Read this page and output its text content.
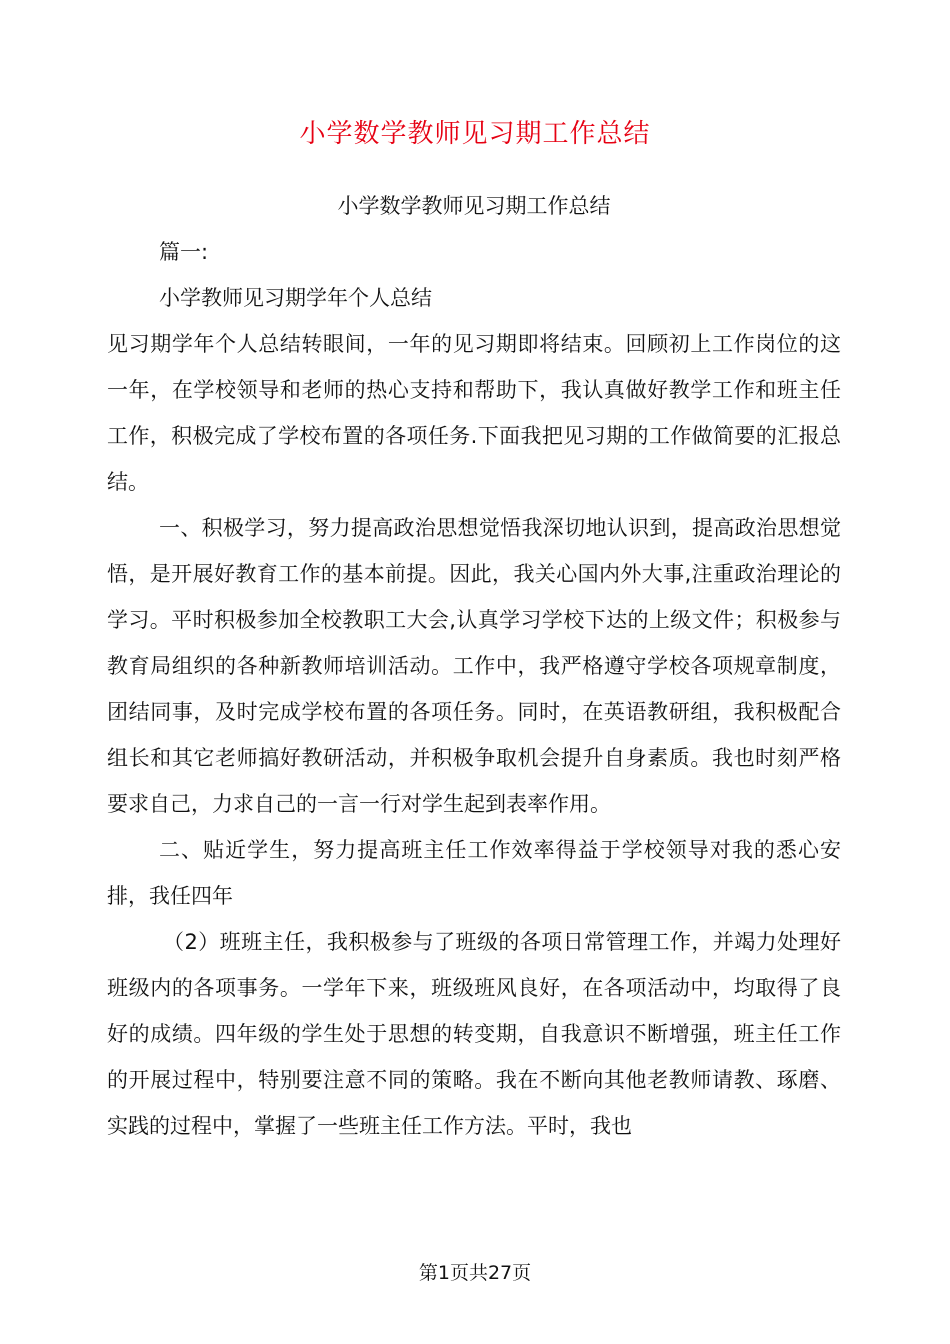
小学数学教师见习期工作总结

小学数学教师见习期工作总结

篇一:

小学教师见习期学年个人总结

见习期学年个人总结转眼间，一年的见习期即将结束。回顾初上工作岗位的这一年，在学校领导和老师的热心支持和帮助下，我认真做好教学工作和班主任工作，积极完成了学校布置的各项任务.下面我把见习期的工作做简要的汇报总结。

一、积极学习，努力提高政治思想觉悟我深切地认识到，提高政治思想觉悟，是开展好教育工作的基本前提。因此，我关心国内外大事,注重政治理论的学习。平时积极参加全校教职工大会,认真学习学校下达的上级文件；积极参与教育局组织的各种新教师培训活动。工作中，我严格遵守学校各项规章制度，团结同事，及时完成学校布置的各项任务。同时，在英语教研组，我积极配合组长和其它老师搞好教研活动，并积极争取机会提升自身素质。我也时刻严格要求自己，力求自己的一言一行对学生起到表率作用。

二、贴近学生，努力提高班主任工作效率得益于学校领导对我的悉心安排，我任四年

（2）班班主任，我积极参与了班级的各项日常管理工作，并竭力处理好班级内的各项事务。一学年下来，班级班风良好，在各项活动中，均取得了良好的成绩。四年级的学生处于思想的转变期，自我意识不断增强，班主任工作的开展过程中，特别要注意不同的策略。我在不断向其他老教师请教、琢磨、实践的过程中，掌握了一些班主任工作方法。平时，我也

第1页共27页
